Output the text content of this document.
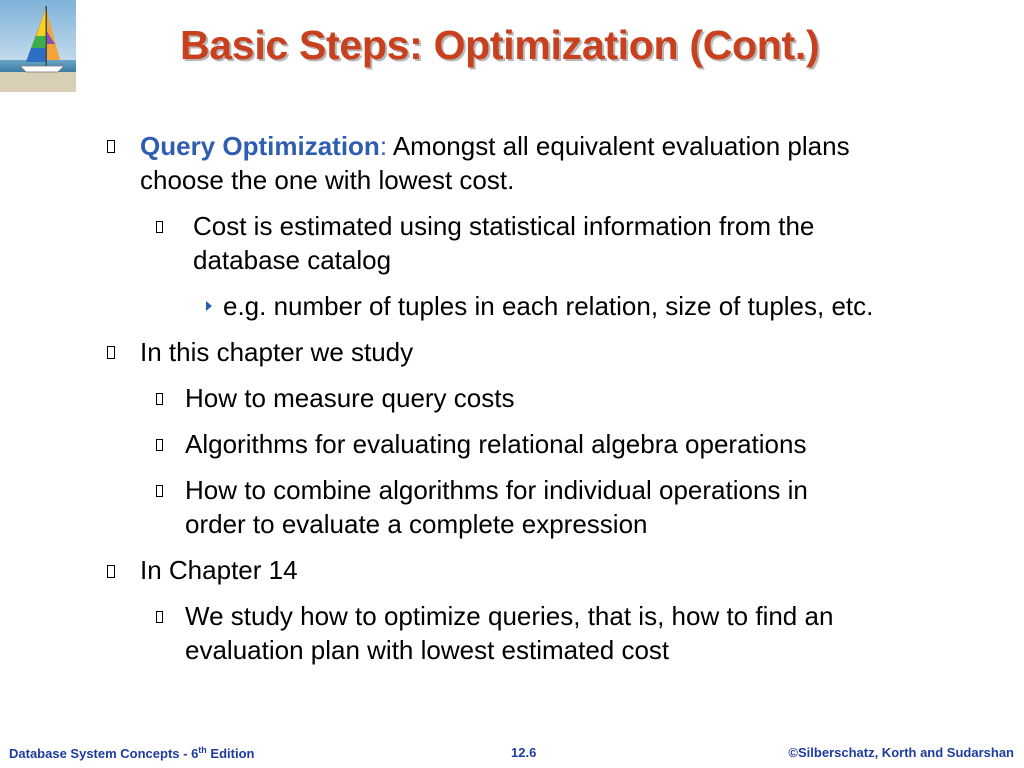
Basic Steps: Optimization (Cont.)
Query Optimization: Amongst all equivalent evaluation plans
choose the one with lowest cost.
Cost is estimated using statistical information from the
database catalog
e.g. number of tuples in each relation, size of tuples, etc.
In this chapter we study
How to measure query costs
Algorithms for evaluating relational algebra operations
How to combine algorithms for individual operations in
order to evaluate a complete expression
In Chapter 14
We study how to optimize queries, that is, how to find an
evaluation plan with lowest estimated cost
Database System Concepts - 6th Edition	12.6	©Silberschatz, Korth and Sudarshan
